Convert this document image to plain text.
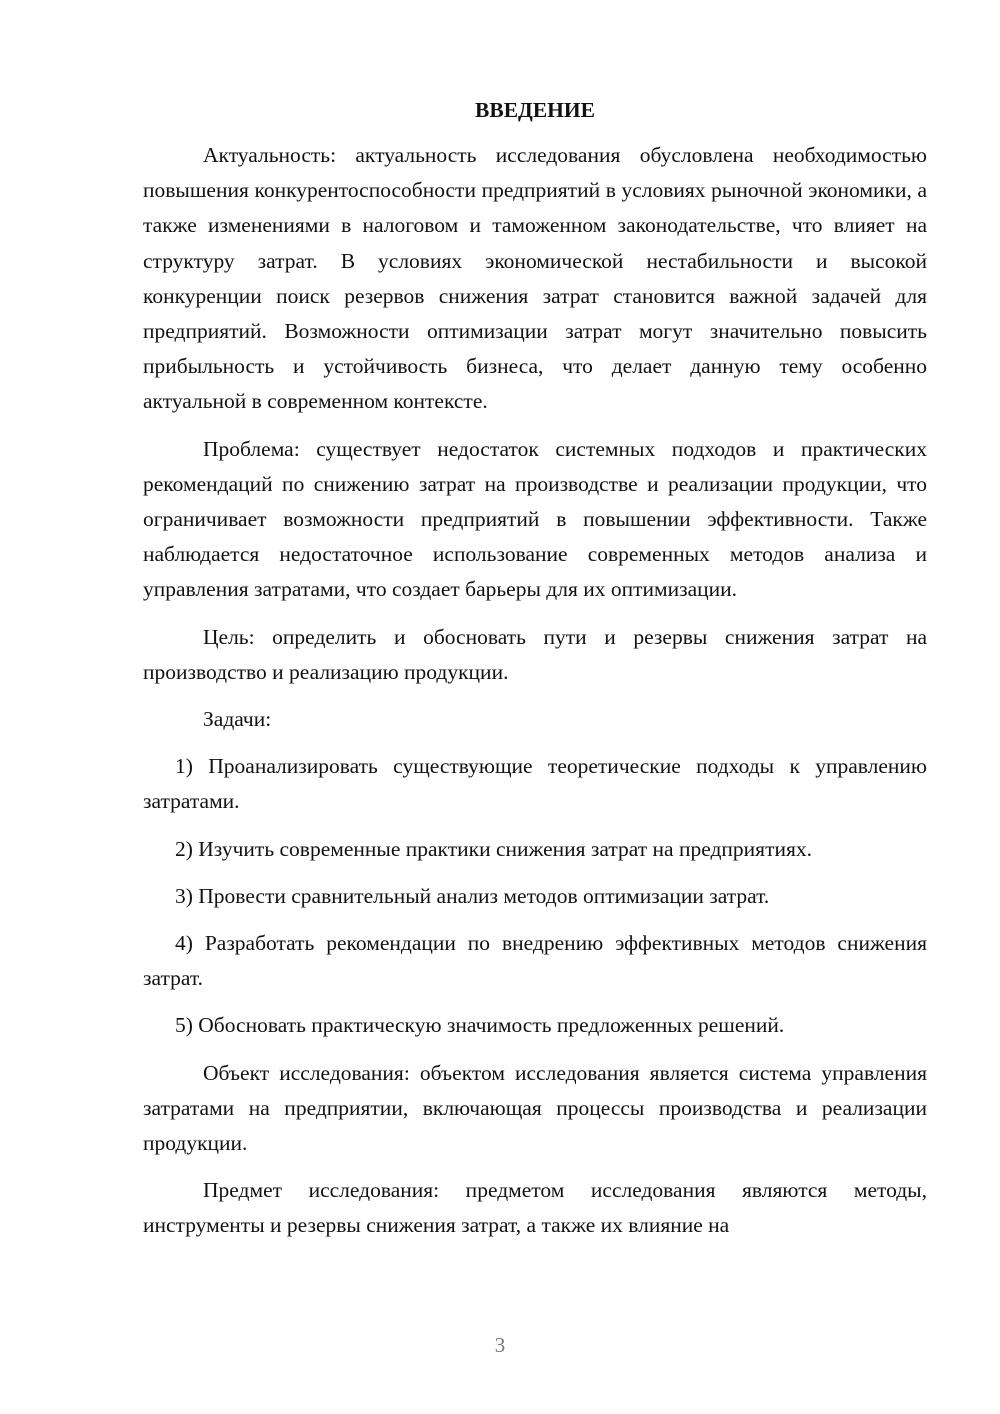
ВВЕДЕНИЕ

Актуальность: актуальность исследования обусловлена необходимостью повышения конкурентоспособности предприятий в условиях рыночной экономики, а также изменениями в налоговом и таможенном законодательстве, что влияет на структуру затрат. В условиях экономической нестабильности и высокой конкуренции поиск резервов снижения затрат становится важной задачей для предприятий. Возможности оптимизации затрат могут значительно повысить прибыльность и устойчивость бизнеса, что делает данную тему особенно актуальной в современном контексте.

Проблема: существует недостаток системных подходов и практических рекомендаций по снижению затрат на производстве и реализации продукции, что ограничивает возможности предприятий в повышении эффективности. Также наблюдается недостаточное использование современных методов анализа и управления затратами, что создает барьеры для их оптимизации.

Цель: определить и обосновать пути и резервы снижения затрат на производство и реализацию продукции.

Задачи:

1) Проанализировать существующие теоретические подходы к управлению затратами.

2) Изучить современные практики снижения затрат на предприятиях.

3) Провести сравнительный анализ методов оптимизации затрат.

4) Разработать рекомендации по внедрению эффективных методов снижения затрат.

5) Обосновать практическую значимость предложенных решений.

Объект исследования: объектом исследования является система управления затратами на предприятии, включающая процессы производства и реализации продукции.

Предмет исследования: предметом исследования являются методы, инструменты и резервы снижения затрат, а также их влияние на

3
